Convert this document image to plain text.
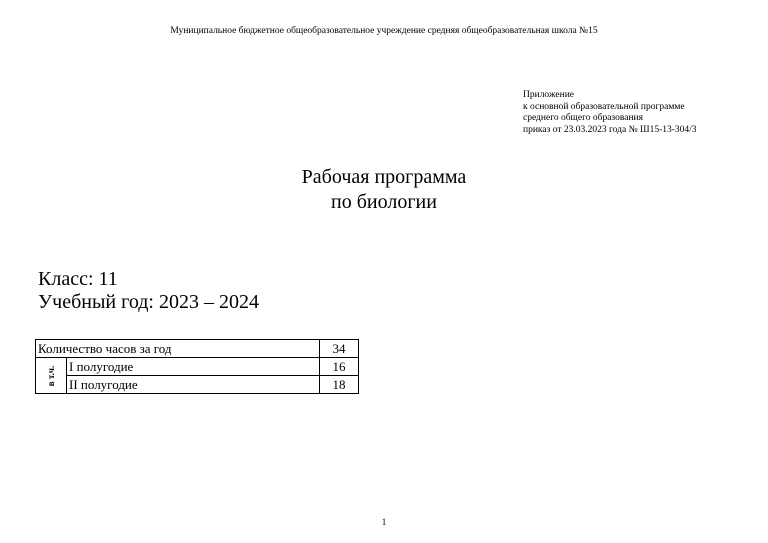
Муниципальное бюджетное общеобразовательное учреждение средняя общеобразовательная школа №15
Приложение
к основной образовательной программе
среднего общего образования
приказ от 23.03.2023 года № Ш15-13-304/3
Рабочая программа
по биологии
Класс: 11
Учебный год: 2023 – 2024
Количество часов за год		34

в т.ч.	I полугодие	16
	II полугодие	18
1
